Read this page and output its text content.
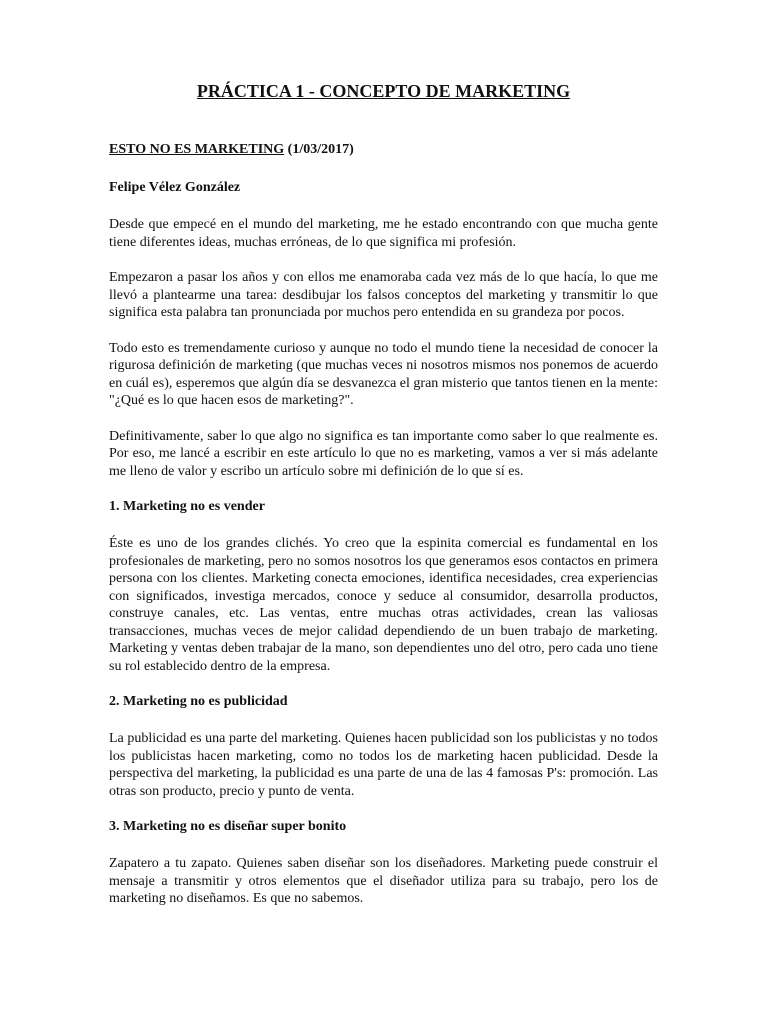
PRÁCTICA 1 - CONCEPTO DE MARKETING
ESTO NO ES MARKETING (1/03/2017)
Felipe Vélez González

Desde que empecé en el mundo del marketing, me he estado encontrando con que mucha gente tiene diferentes ideas, muchas erróneas, de lo que significa mi profesión.

Empezaron a pasar los años y con ellos me enamoraba cada vez más de lo que hacía, lo que me llevó a plantearme una tarea: desdibujar los falsos conceptos del marketing y transmitir lo que significa esta palabra tan pronunciada por muchos pero entendida en su grandeza por pocos.

Todo esto es tremendamente curioso y aunque no todo el mundo tiene la necesidad de conocer la rigurosa definición de marketing (que muchas veces ni nosotros mismos nos ponemos de acuerdo en cuál es), esperemos que algún día se desvanezca el gran misterio que tantos tienen en la mente: "¿Qué es lo que hacen esos de marketing?".

Definitivamente, saber lo que algo no significa es tan importante como saber lo que realmente es. Por eso, me lancé a escribir en este artículo lo que no es marketing, vamos a ver si más adelante me lleno de valor y escribo un artículo sobre mi definición de lo que sí es.

1. Marketing no es vender

Éste es uno de los grandes clichés. Yo creo que la espinita comercial es fundamental en los profesionales de marketing, pero no somos nosotros los que generamos esos contactos en primera persona con los clientes. Marketing conecta emociones, identifica necesidades, crea experiencias con significados, investiga mercados, conoce y seduce al consumidor, desarrolla productos, construye canales, etc. Las ventas, entre muchas otras actividades, crean las valiosas transacciones, muchas veces de mejor calidad dependiendo de un buen trabajo de marketing. Marketing y ventas deben trabajar de la mano, son dependientes uno del otro, pero cada uno tiene su rol establecido dentro de la empresa.

2. Marketing no es publicidad

La publicidad es una parte del marketing. Quienes hacen publicidad son los publicistas y no todos los publicistas hacen marketing, como no todos los de marketing hacen publicidad. Desde la perspectiva del marketing, la publicidad es una parte de una de las 4 famosas P's: promoción. Las otras son producto, precio y punto de venta.

3. Marketing no es diseñar super bonito

Zapatero a tu zapato. Quienes saben diseñar son los diseñadores. Marketing puede construir el mensaje a transmitir y otros elementos que el diseñador utiliza para su trabajo, pero los de marketing no diseñamos. Es que no sabemos.
